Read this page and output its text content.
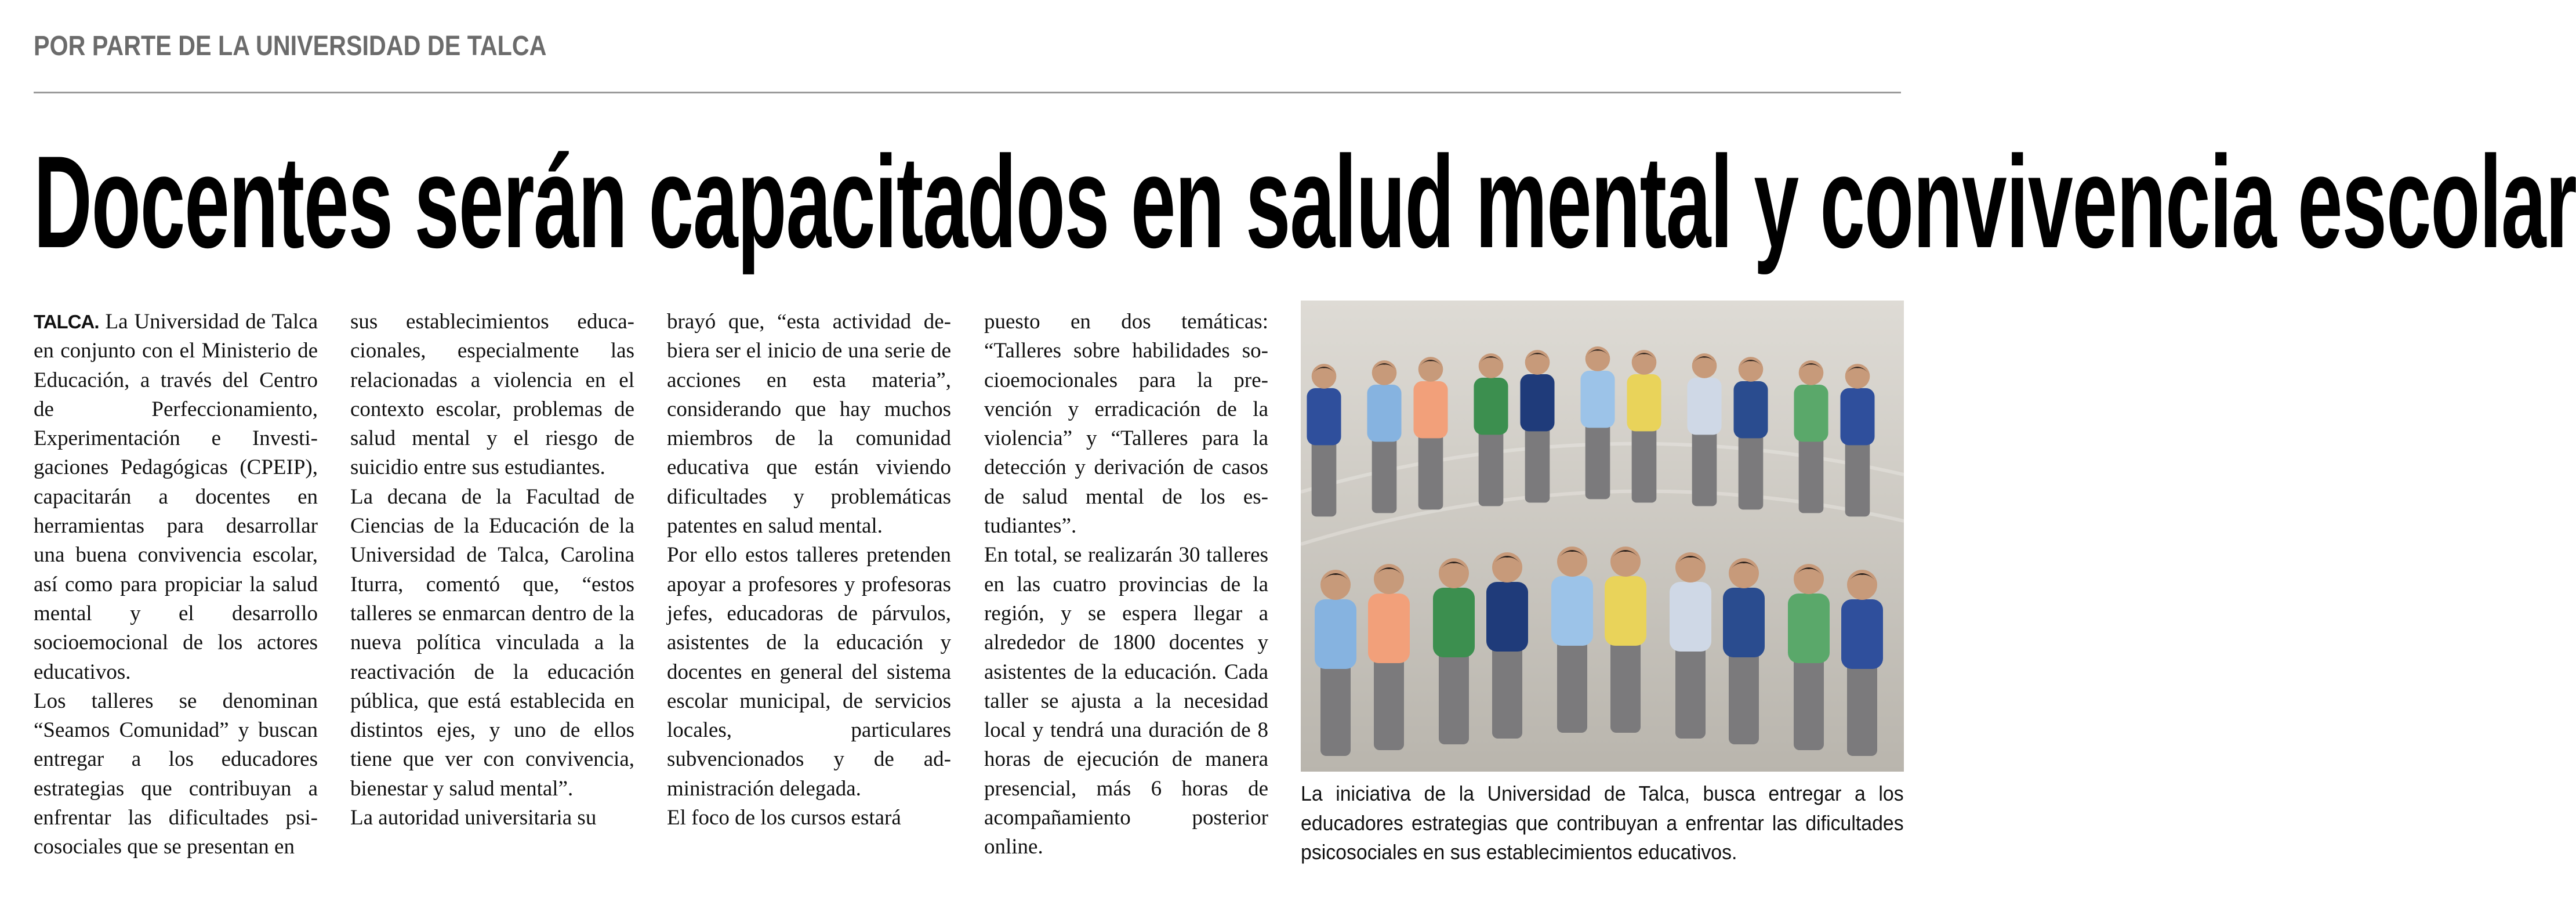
POR PARTE DE LA UNIVERSIDAD DE TALCA
Docentes serán capacitados en salud mental y convivencia escolar

TALCA. La Universidad de Talca en conjunto con el Ministerio de Educación, a través del Centro de Perfeccionamiento, Experimentación e Investigaciones Pedagógicas (CPEIP), capacitarán a docentes en herramientas para desarrollar una buena convivencia escolar, así como para propiciar la salud mental y el desarrollo socioemocional de los actores educativos.

Los talleres se denominan “Seamos Comunidad” y buscan entregar a los educadores estrategias que contribuyan a enfrentar las dificultades psicosociales que se presentan en

sus establecimientos educacionales, especialmente las relacionadas a violencia en el contexto escolar, problemas de salud mental y el riesgo de suicidio entre sus estudiantes.

La decana de la Facultad de Ciencias de la Educación de la Universidad de Talca, Carolina Iturra, comentó que, “estos talleres se enmarcan dentro de la nueva política vinculada a la reactivación de la educación pública, que está establecida en distintos ejes, y uno de ellos tiene que ver con convivencia, bienestar y salud mental”.

La autoridad universitaria su

brayó que, “esta actividad debiera ser el inicio de una serie de acciones en esta materia”, considerando que hay muchos miembros de la comunidad educativa que están viviendo dificultades y problemáticas patentes en salud mental.

Por ello estos talleres pretenden apoyar a profesores y profesoras jefes, educadoras de párvulos, asistentes de la educación y docentes en general del sistema escolar municipal, de servicios locales, particulares subvencionados y de administración delegada.

El foco de los cursos estará

puesto en dos temáticas: “Talleres sobre habilidades socioemocionales para la prevención y erradicación de la violencia” y “Talleres para la detección y derivación de casos de salud mental de los estudiantes”.

En total, se realizarán 30 talleres en las cuatro provincias de la región, y se espera llegar a alrededor de 1800 docentes y asistentes de la educación. Cada taller se ajusta a la necesidad local y tendrá una duración de 8 horas de ejecución de manera presencial, más 6 horas de acompañamiento posterior online.

La iniciativa de la Universidad de Talca, busca entregar a los educadores estrategias que contribuyan a enfrentar las dificultades psicosociales en sus establecimientos educativos.
